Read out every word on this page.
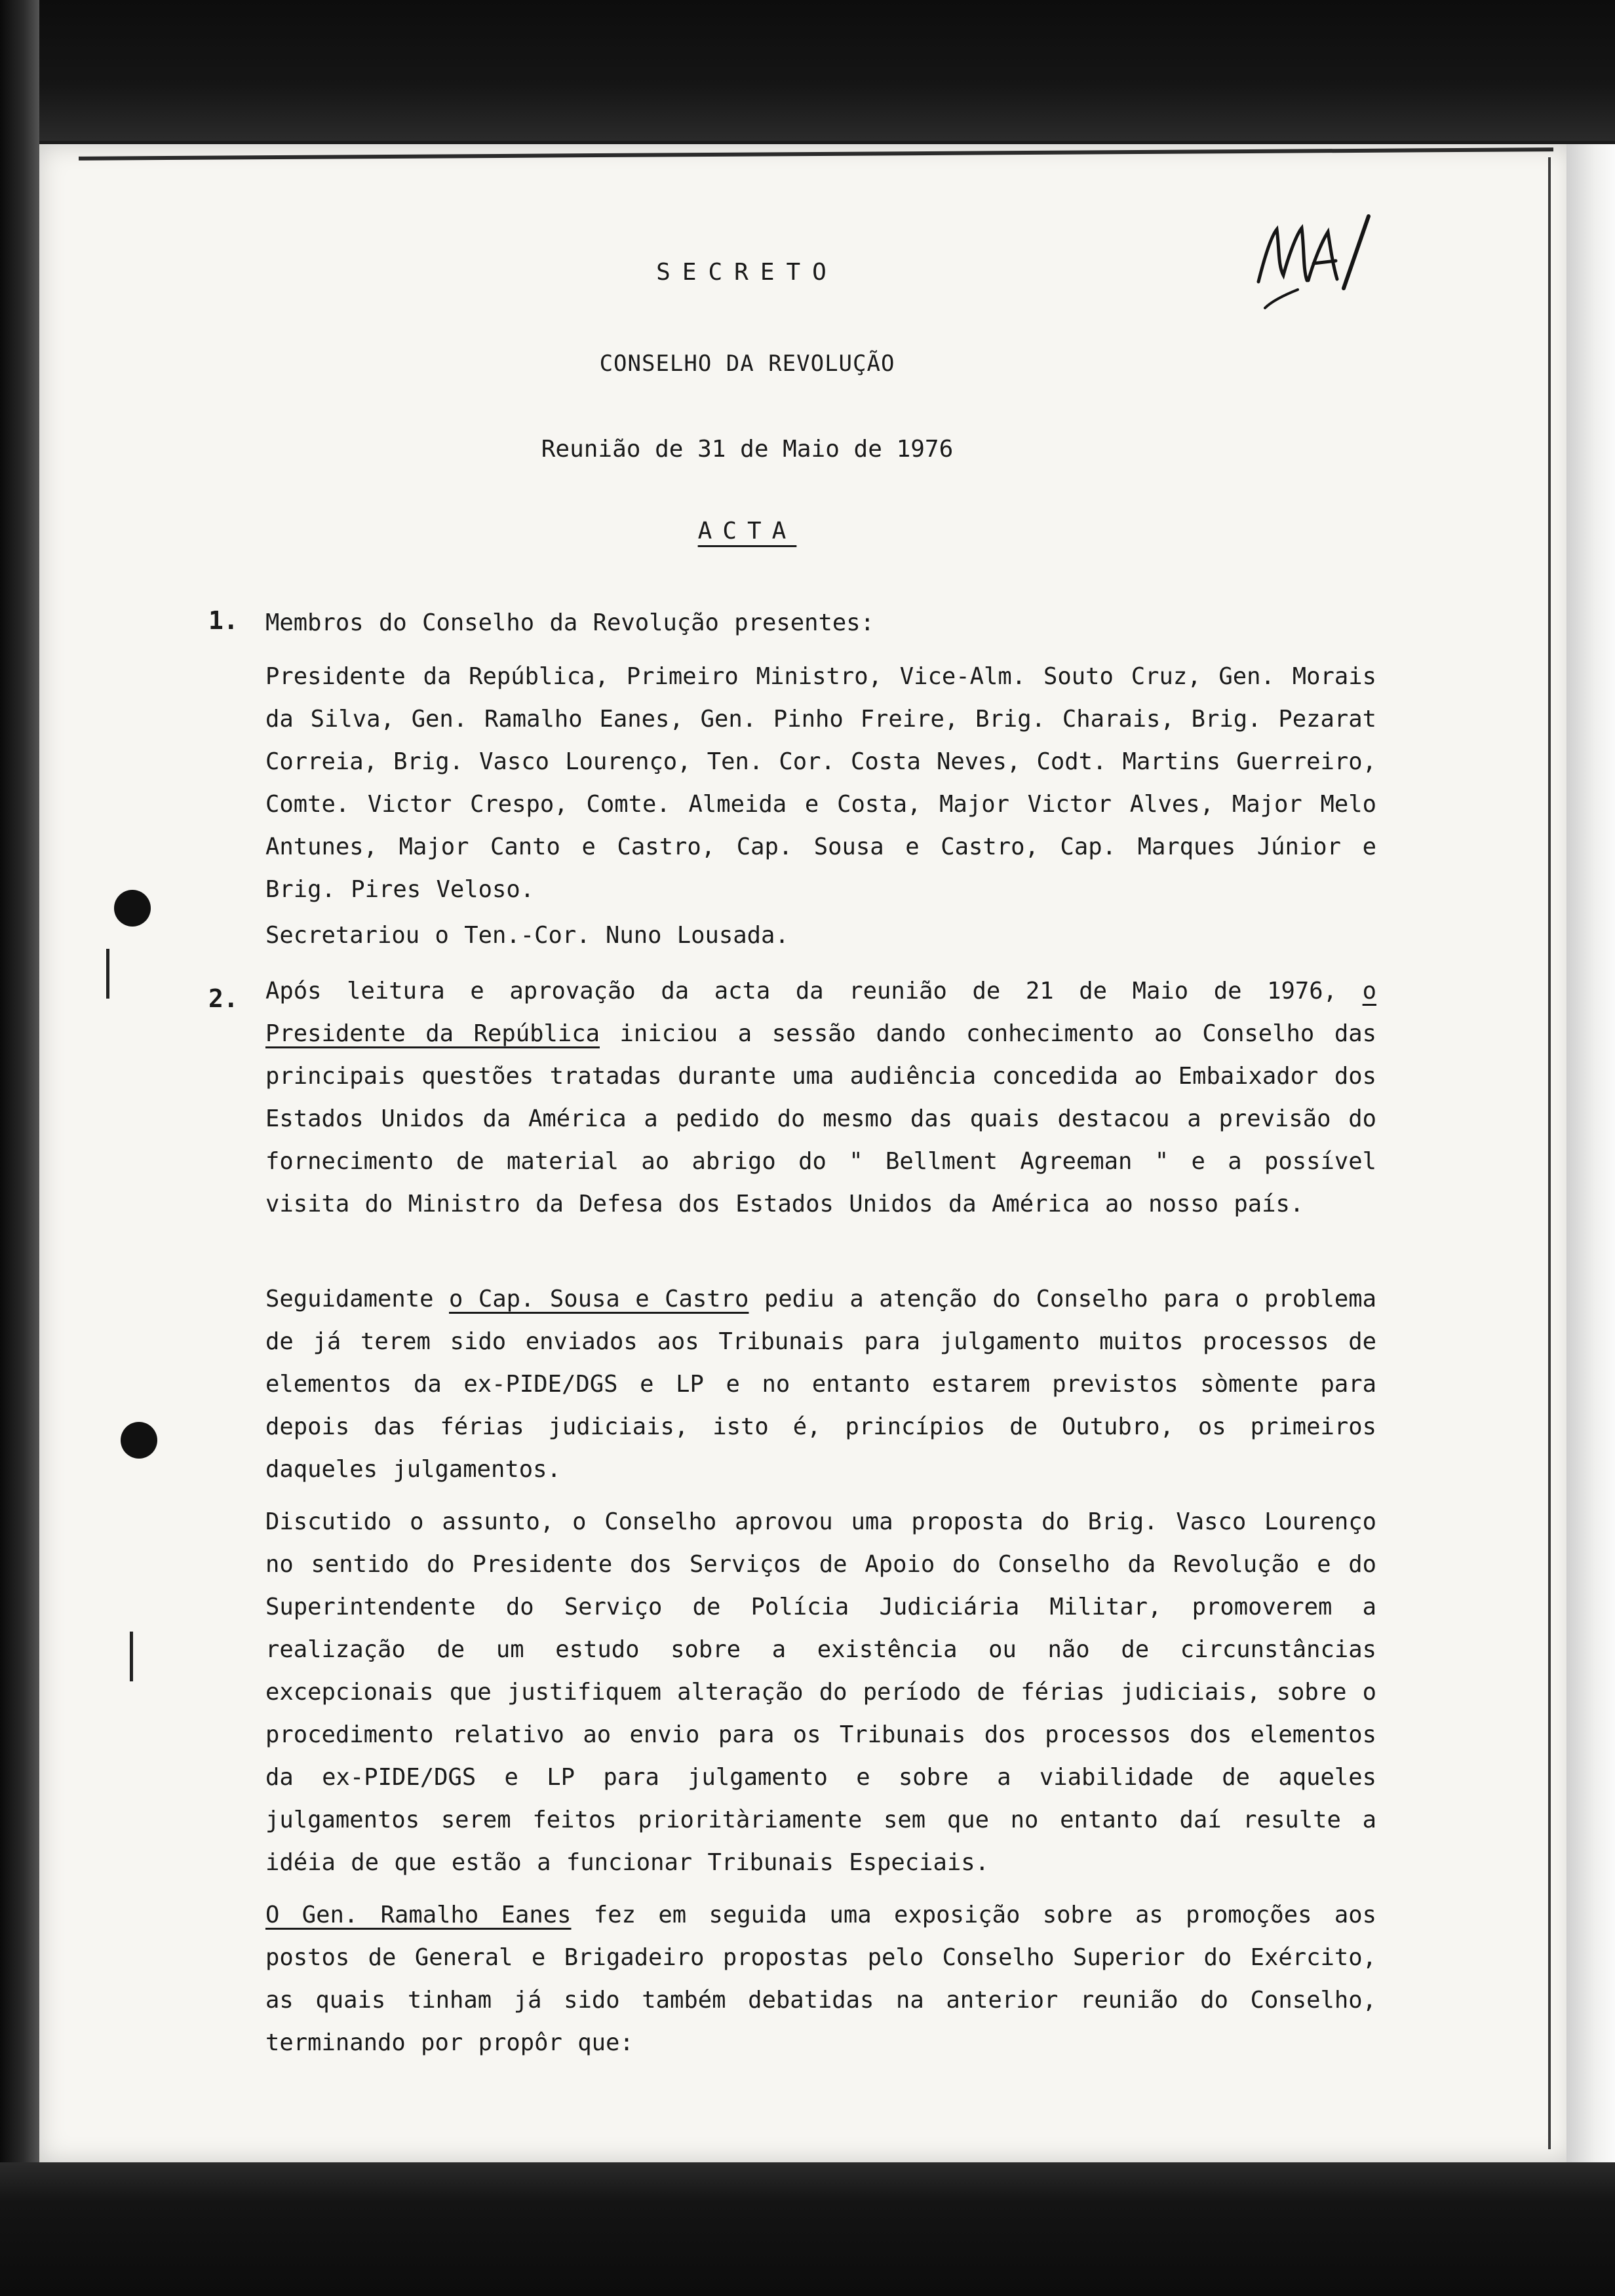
SECRETO
CONSELHO DA REVOLUÇÃO
Reunião de 31 de Maio de 1976
ACTA
1. Membros do Conselho da Revolução presentes:
Presidente da República, Primeiro Ministro, Vice-Alm. Souto Cruz, Gen. Morais da Silva, Gen. Ramalho Eanes, Gen. Pinho Freire, Brig. Charais, Brig. Pezarat Correia, Brig. Vasco Lourenço, Ten. Cor. Costa Neves, Codt. Martins Guerreiro, Comte. Victor Crespo, Comte. Almeida e Costa, Major Victor Alves, Major Melo Antunes, Major Canto e Castro, Cap. Sousa e Castro, Cap. Marques Júnior e Brig. Pires Veloso.
Secretariou o Ten.-Cor. Nuno Lousada.
2. Após leitura e aprovação da acta da reunião de 21 de Maio de 1976, o Presidente da República iniciou a sessão dando conhecimento ao Conselho das principais questões tratadas durante uma audiência concedida ao Embaixador dos Estados Unidos da América a pedido do mesmo das quais destacou a previsão do fornecimento de material ao abrigo do " Bellment Agreeman " e a possível visita do Ministro da Defesa dos Estados Unidos da América ao nosso país.
Seguidamente o Cap. Sousa e Castro pediu a atenção do Conselho para o problema de já terem sido enviados aos Tribunais para julgamento muitos processos de elementos da ex-PIDE/DGS e LP e no entanto estarem previstos sòmente para depois das férias judiciais, isto é, princípios de Outubro, os primeiros daqueles julgamentos.
Discutido o assunto, o Conselho aprovou uma proposta do Brig. Vasco Lourenço no sentido do Presidente dos Serviços de Apoio do Conselho da Revolução e do Superintendente do Serviço de Polícia Judiciária Militar, promoverem a realização de um estudo sobre a existência ou não de circunstâncias excepcionais que justifiquem alteração do período de férias judiciais, sobre o procedimento relativo ao envio para os Tribunais dos processos dos elementos da ex-PIDE/DGS e LP para julgamento e sobre a viabilidade de aqueles julgamentos serem feitos prioritàriamente sem que no entanto daí resulte a idéia de que estão a funcionar Tribunais Especiais.
O Gen. Ramalho Eanes fez em seguida uma exposição sobre as promoções aos postos de General e Brigadeiro propostas pelo Conselho Superior do Exército, as quais tinham já sido também debatidas na anterior reunião do Conselho, terminando por propôr que:
